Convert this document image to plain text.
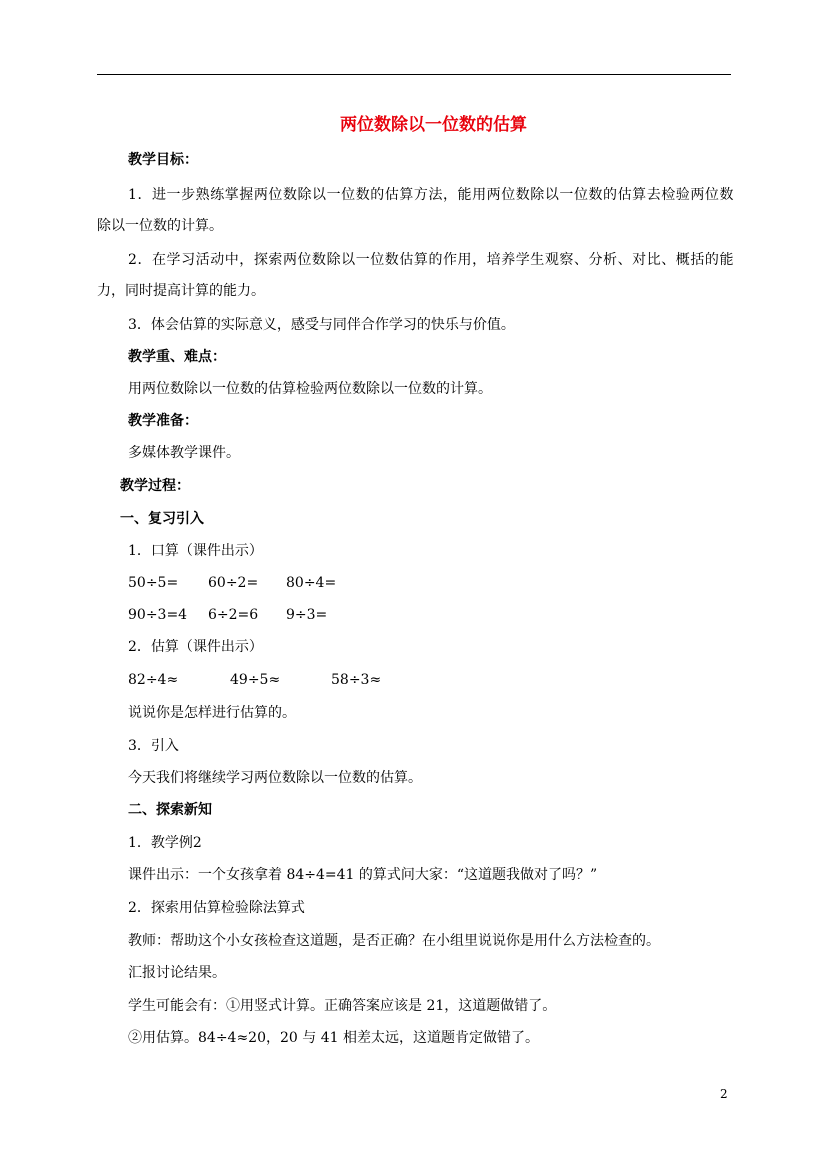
两位数除以一位数的估算
教学目标：
1．进一步熟练掌握两位数除以一位数的估算方法，能用两位数除以一位数的估算去检验两位数
除以一位数的计算。
2．在学习活动中，探索两位数除以一位数估算的作用，培养学生观察、分析、对比、概括的能
力，同时提高计算的能力。
3．体会估算的实际意义，感受与同伴合作学习的快乐与价值。
教学重、难点：
用两位数除以一位数的估算检验两位数除以一位数的计算。
教学准备：
多媒体教学课件。
教学过程：
一、复习引入
1．口算（课件出示）
50÷5= 60÷2= 80÷4=
90÷3=4 6÷2=6 9÷3=
2．估算（课件出示）
82÷4≈	49÷5≈	58÷3≈
说说你是怎样进行估算的。
3．引入
今天我们将继续学习两位数除以一位数的估算。
二、探索新知
1．教学例2
课件出示：一个女孩拿着 84÷4=41 的算式问大家：“这道题我做对了吗？”
2．探索用估算检验除法算式
教师：帮助这个小女孩检查这道题，是否正确？在小组里说说你是用什么方法检查的。
汇报讨论结果。
学生可能会有：①用竖式计算。正确答案应该是 21，这道题做错了。
②用估算。84÷4≈20，20 与 41 相差太远，这道题肯定做错了。
2
